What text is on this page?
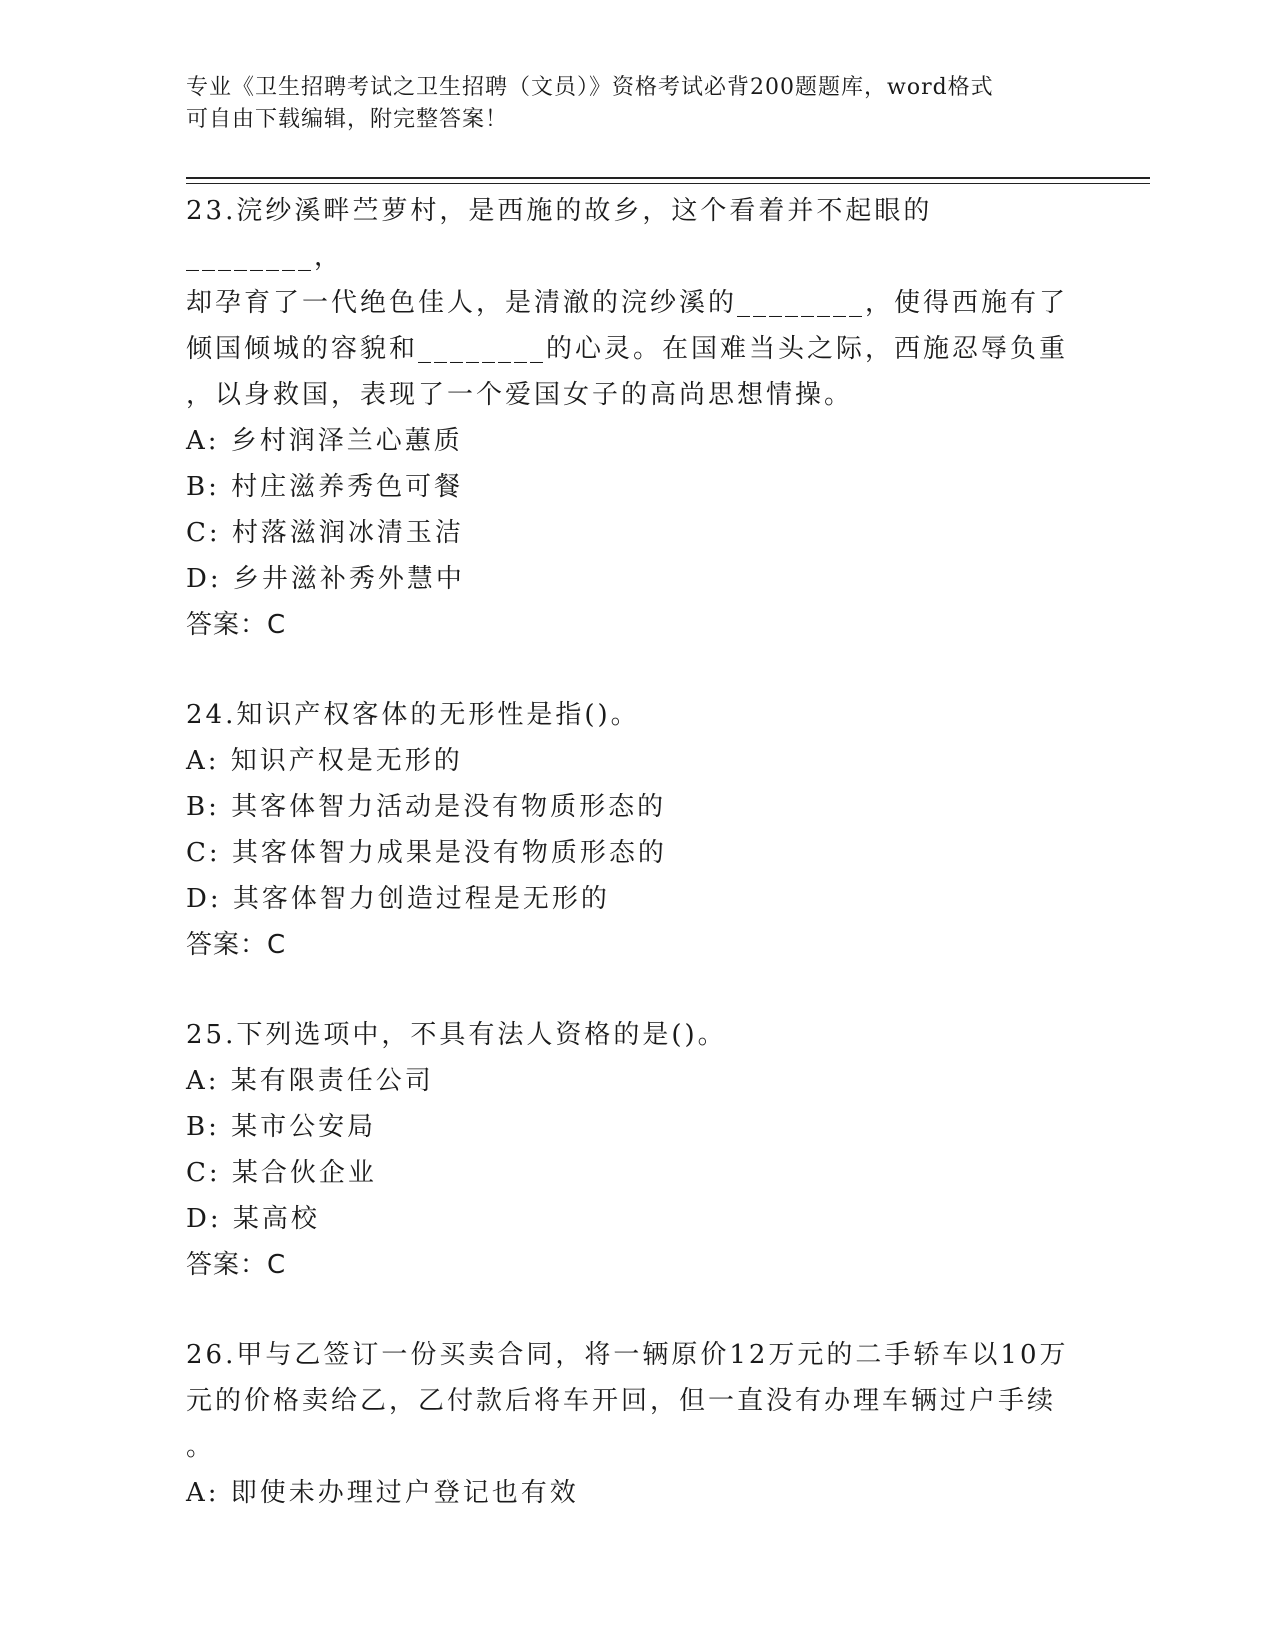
专业《卫生招聘考试之卫生招聘（文员）》资格考试必背200题题库，word格式
可自由下载编辑，附完整答案！
23.浣纱溪畔苎萝村，是西施的故乡，这个看着并不起眼的________，
却孕育了一代绝色佳人，是清澈的浣纱溪的________，使得西施有了
倾国倾城的容貌和________的心灵。在国难当头之际，西施忍辱负重
，以身救国，表现了一个爱国女子的高尚思想情操。
A: 乡村润泽兰心蕙质
B: 村庄滋养秀色可餐
C: 村落滋润冰清玉洁
D: 乡井滋补秀外慧中
答案：C
24.知识产权客体的无形性是指()。
A: 知识产权是无形的
B: 其客体智力活动是没有物质形态的
C: 其客体智力成果是没有物质形态的
D: 其客体智力创造过程是无形的
答案：C
25.下列选项中，不具有法人资格的是()。
A: 某有限责任公司
B: 某市公安局
C: 某合伙企业
D: 某高校
答案：C
26.甲与乙签订一份买卖合同，将一辆原价12万元的二手轿车以10万
元的价格卖给乙，乙付款后将车开回，但一直没有办理车辆过户手续
。
A: 即使未办理过户登记也有效
